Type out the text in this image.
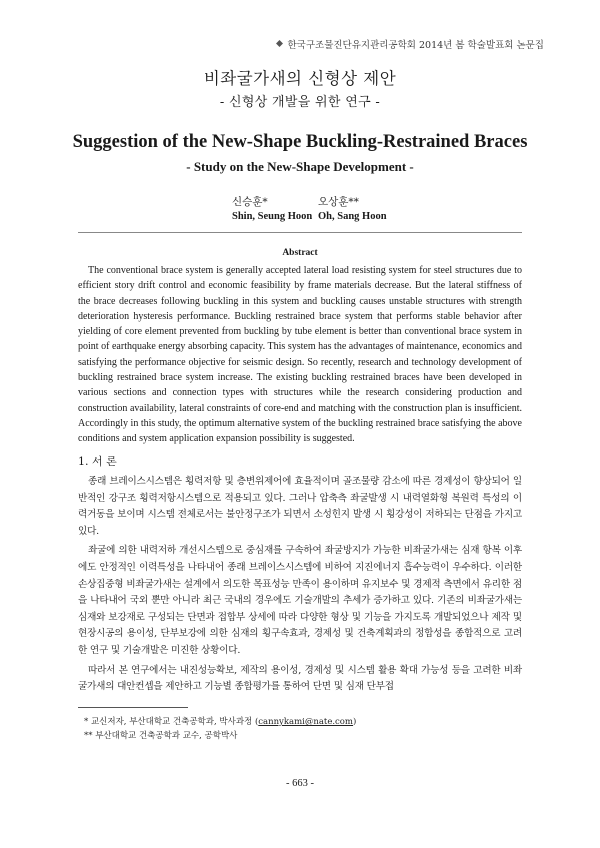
한국구조물진단유지관리공학회 2014년 봄 학술발표회 논문집
비좌굴가새의 신형상 제안
- 신형상 개발을 위한 연구 -
Suggestion of the New-Shape Buckling-Restrained Braces
- Study on the New-Shape Development -
신승훈*	오상훈**
Shin, Seung Hoon Oh, Sang Hoon
Abstract
The conventional brace system is generally accepted lateral load resisting system for steel structures due to efficient story drift control and economic feasibility by frame materials decrease. But the lateral stiffness of the brace decreases following buckling in this system and buckling causes unstable structures with strength deterioration hysteresis performance. Buckling restrained brace system that performs stable behavior after yielding of core element prevented from buckling by tube element is better than conventional brace system in point of earthquake energy absorbing capacity. This system has the advantages of maintenance, economics and satisfying the performance objective for seismic design. So recently, research and technology development of buckling restrained brace system increase. The existing buckling restrained braces have been developed in various sections and connection types with structures while the research considering production and construction availability, lateral constraints of core-end and matching with the construction plan is insufficient. Accordingly in this study, the optimum alternative system of the buckling restrained brace satisfying the above conditions and system application expansion possibility is suggested.
1. 서 론

종래 브레이스시스템은 횡력저항 및 층변위제어에 효율적이며 골조물량 감소에 따른 경제성이 향상되어 일반적인 강구조 횡력저항시스템으로 적용되고 있다. 그러나 압축측 좌굴발생 시 내력열화형 복원력 특성의 이력거동을 보이며 시스템 전체로서는 불안정구조가 되면서 소성힌지 발생 시 횡강성이 저하되는 단점을 가지고 있다.

좌굴에 의한 내력저하 개선시스템으로 중심재를 구속하여 좌굴방지가 가능한 비좌굴가새는 심재 항복 이후에도 안정적인 이력특성을 나타내어 종래 브레이스시스템에 비하여 지진에너지 흡수능력이 우수하다. 이러한 손상집중형 비좌굴가새는 설계에서 의도한 목표성능 만족이 용이하며 유지보수 및 경제적 측면에서 유리한 점을 나타내어 국외 뿐만 아니라 최근 국내의 경우에도 기술개발의 추세가 증가하고 있다. 기존의 비좌굴가새는 심재와 보강재로 구성되는 단면과 접합부 상세에 따라 다양한 형상 및 기능을 가지도록 개발되었으나 제작 및 현장시공의 용이성, 단부보강에 의한 심재의 횡구속효과, 경제성 및 건축계획과의 정합성을 종합적으로 고려한 연구 및 기술개발은 미진한 상황이다.

따라서 본 연구에서는 내진성능확보, 제작의 용이성, 경제성 및 시스템 활용 확대 가능성 등을 고려한 비좌굴가새의 대안컨셉을 제안하고 기능별 종합평가를 통하여 단면 및 심재 단부접

* 교신저자, 부산대학교 건축공학과, 박사과정 (cannykami@nate.com)
** 부산대학교 건축공학과 교수, 공학박사
- 663 -
